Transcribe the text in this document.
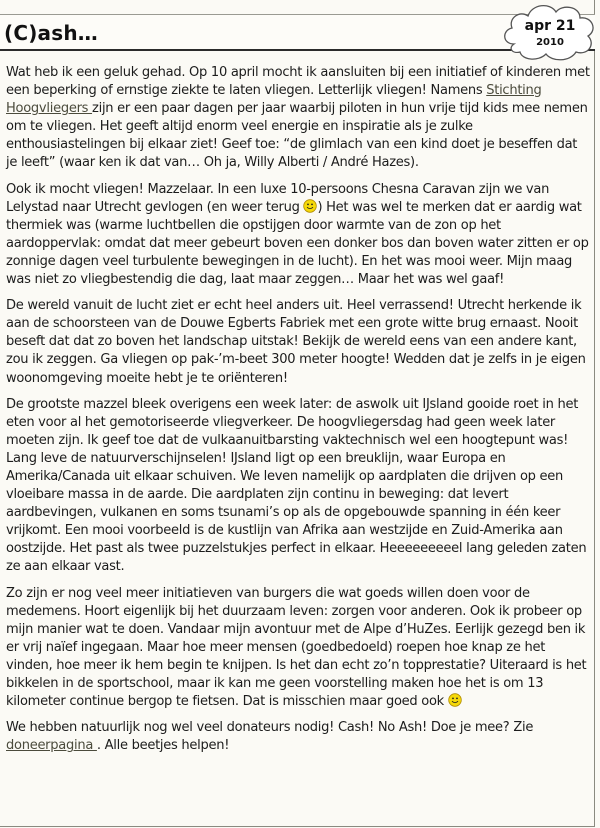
(C)ash…	apr 21
2010

Wat heb ik een geluk gehad. Op 10 april mocht ik aansluiten bij een initiatief of kinderen met een beperking of ernstige ziekte te laten vliegen. Letterlijk vliegen! Namens Stichting Hoogvliegers zijn er een paar dagen per jaar waarbij piloten in hun vrije tijd kids mee nemen om te vliegen. Het geeft altijd enorm veel energie en inspiratie als je zulke enthousiastelingen bij elkaar ziet! Geef toe: “de glimlach van een kind doet je beseffen dat je leeft” (waar ken ik dat van… Oh ja, Willy Alberti / André Hazes).

Ook ik mocht vliegen! Mazzelaar. In een luxe 10-persoons Chesna Caravan zijn we van Lelystad naar Utrecht gevlogen (en weer terug ) Het was wel te merken dat er aardig wat thermiek was (warme luchtbellen die opstijgen door warmte van de zon op het aardoppervlak: omdat dat meer gebeurt boven een donker bos dan boven water zitten er op zonnige dagen veel turbulente bewegingen in de lucht). En het was mooi weer. Mijn maag was niet zo vliegbestendig die dag, laat maar zeggen… Maar het was wel gaaf!

De wereld vanuit de lucht ziet er echt heel anders uit. Heel verrassend! Utrecht herkende ik aan de schoorsteen van de Douwe Egberts Fabriek met een grote witte brug ernaast. Nooit beseft dat dat zo boven het landschap uitstak! Bekijk de wereld eens van een andere kant, zou ik zeggen. Ga vliegen op pak-’m-beet 300 meter hoogte! Wedden dat je zelfs in je eigen woonomgeving moeite hebt je te oriënteren!

De grootste mazzel bleek overigens een week later: de aswolk uit IJsland gooide roet in het eten voor al het gemotoriseerde vliegverkeer. De hoogvliegersdag had geen week later moeten zijn. Ik geef toe dat de vulkaanuitbarsting vaktechnisch wel een hoogtepunt was! Lang leve de natuurverschijnselen! IJsland ligt op een breuklijn, waar Europa en Amerika/Canada uit elkaar schuiven. We leven namelijk op aardplaten die drijven op een vloeibare massa in de aarde. Die aardplaten zijn continu in beweging: dat levert aardbevingen, vulkanen en soms tsunami’s op als de opgebouwde spanning in één keer vrijkomt. Een mooi voorbeeld is de kustlijn van Afrika aan westzijde en Zuid-Amerika aan oostzijde. Het past als twee puzzelstukjes perfect in elkaar. Heeeeeeeeel lang geleden zaten ze aan elkaar vast.

Zo zijn er nog veel meer initiatieven van burgers die wat goeds willen doen voor de medemens. Hoort eigenlijk bij het duurzaam leven: zorgen voor anderen. Ook ik probeer op mijn manier wat te doen. Vandaar mijn avontuur met de Alpe d’HuZes. Eerlijk gezegd ben ik er vrij naïef ingegaan. Maar hoe meer mensen (goedbedoeld) roepen hoe knap ze het vinden, hoe meer ik hem begin te knijpen. Is het dan echt zo’n topprestatie? Uiteraard is het bikkelen in de sportschool, maar ik kan me geen voorstelling maken hoe het is om 13 kilometer continue bergop te fietsen. Dat is misschien maar goed ook

We hebben natuurlijk nog wel veel donateurs nodig! Cash! No Ash! Doe je mee? Zie doneerpagina . Alle beetjes helpen!
